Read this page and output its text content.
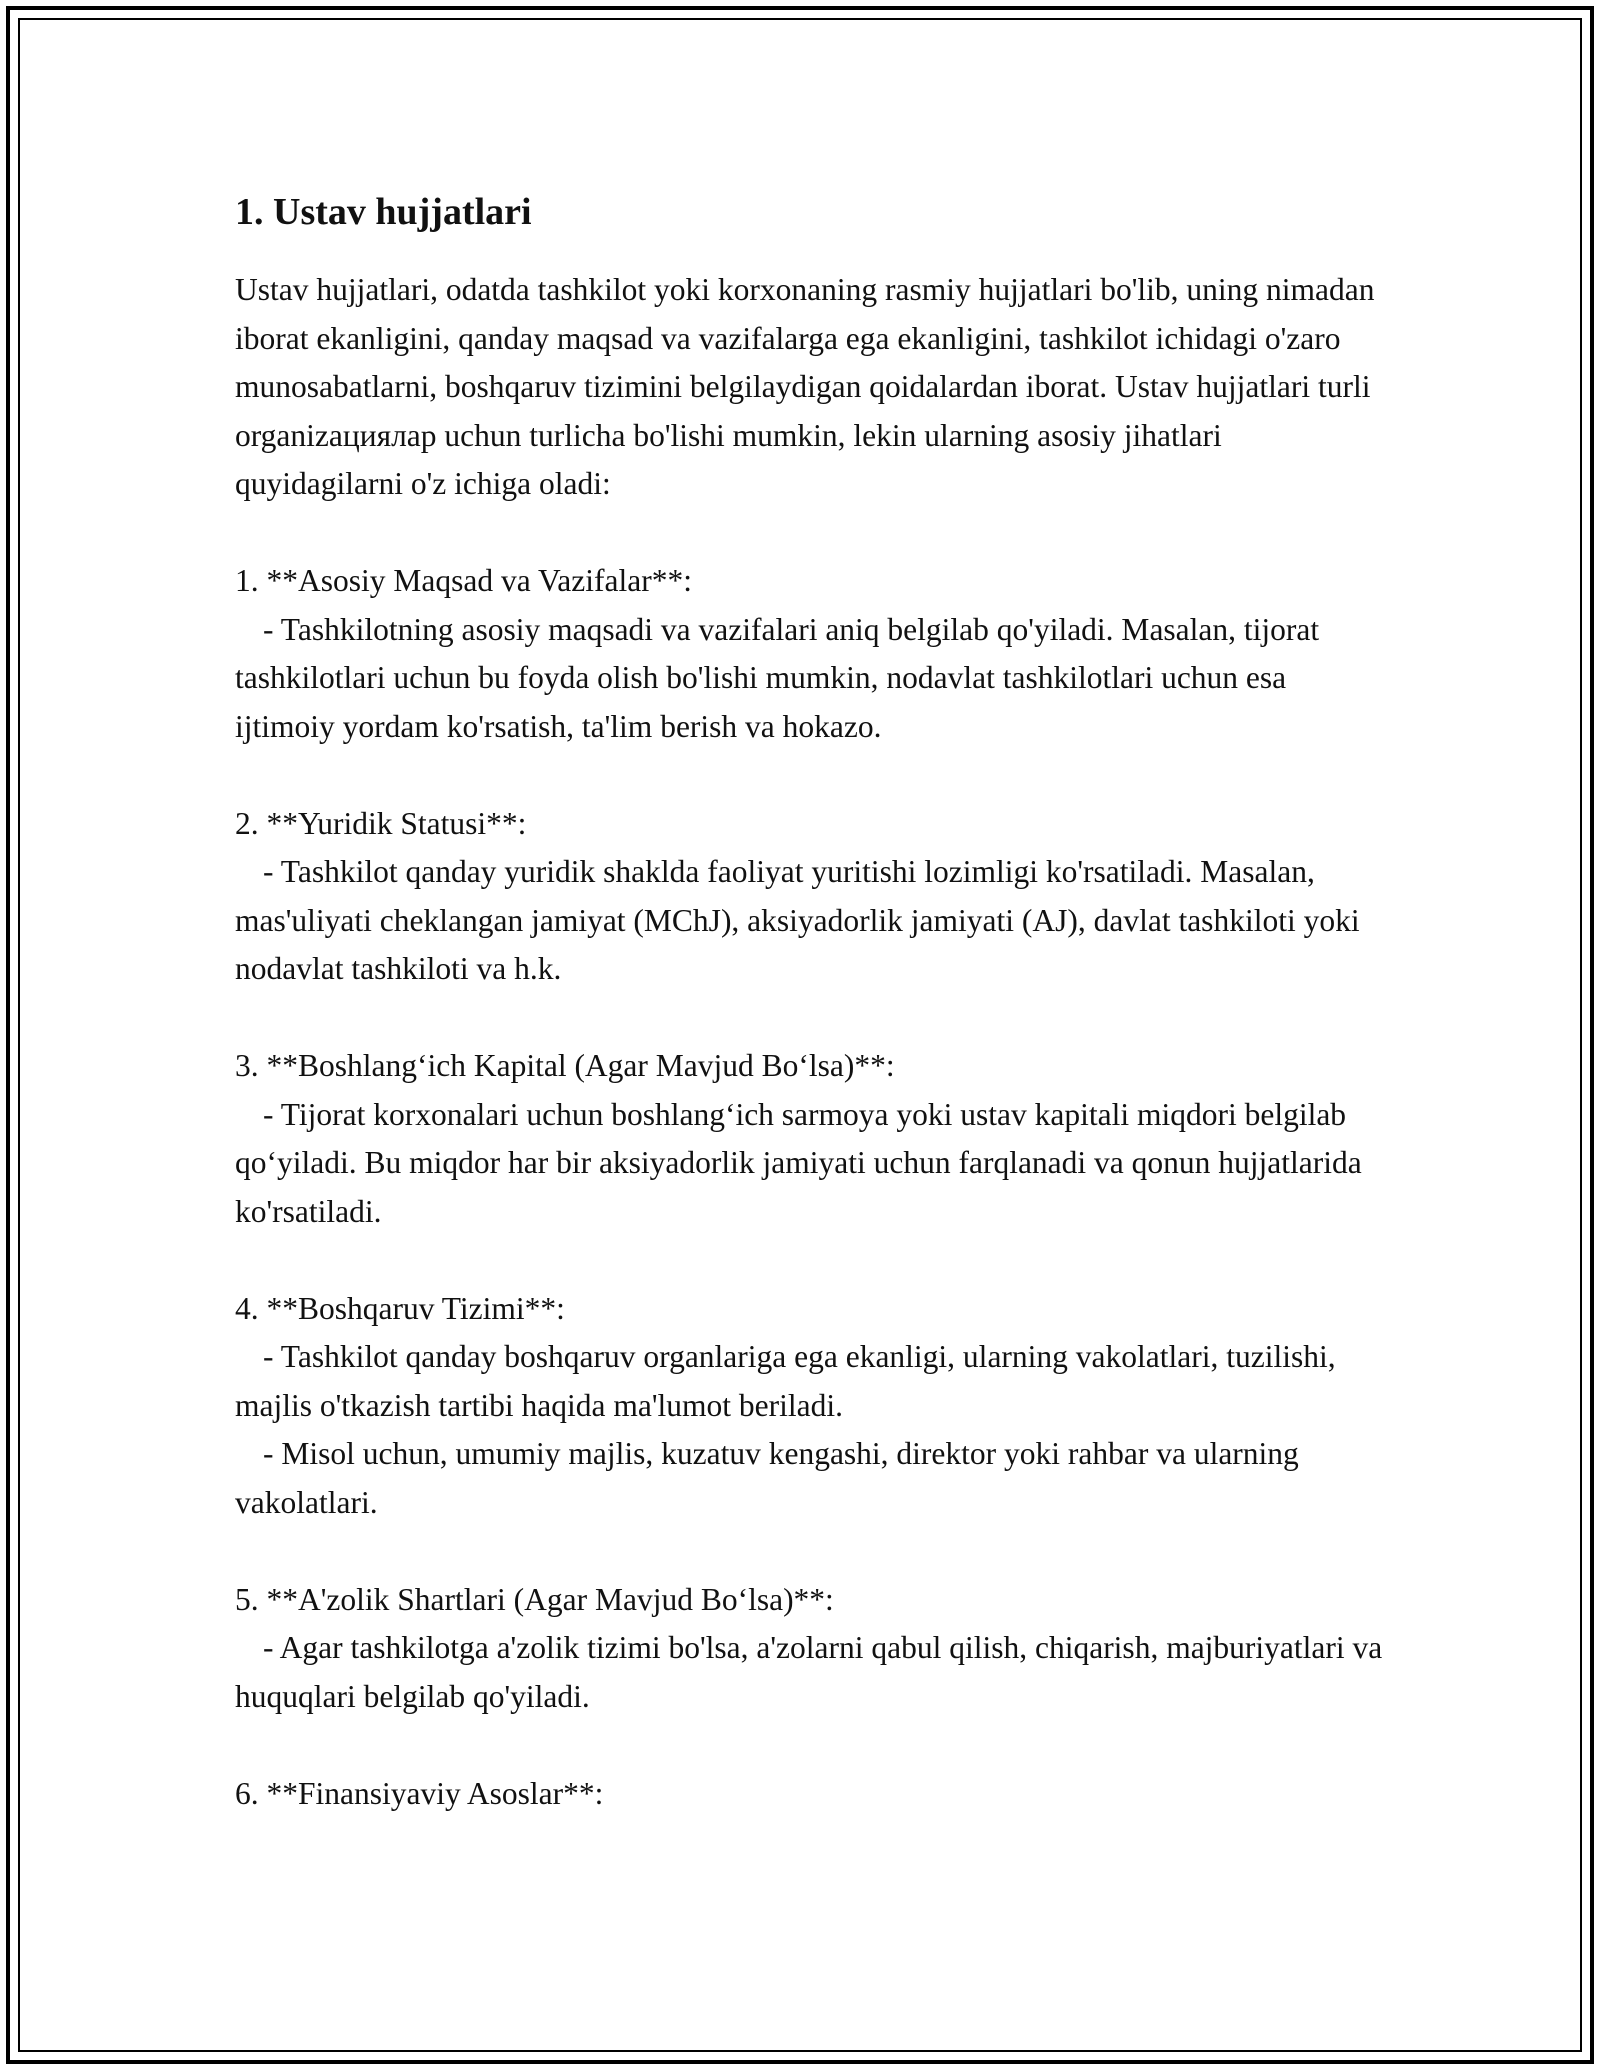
1. Ustav hujjatlari

Ustav hujjatlari, odatda tashkilot yoki korxonaning rasmiy hujjatlari bo'lib, uning nimadan iborat ekanligini, qanday maqsad va vazifalarga ega ekanligini, tashkilot ichidagi o'zaro munosabatlarni, boshqaruv tizimini belgilaydigan qoidalardan iborat. Ustav hujjatlari turli organizaциялар uchun turlicha bo'lishi mumkin, lekin ularning asosiy jihatlari quyidagilarni o'z ichiga oladi:

1. **Asosiy Maqsad va Vazifalar**:
- Tashkilotning asosiy maqsadi va vazifalari aniq belgilab qo'yiladi. Masalan, tijorat tashkilotlari uchun bu foyda olish bo'lishi mumkin, nodavlat tashkilotlari uchun esa ijtimoiy yordam ko'rsatish, ta'lim berish va hokazo.
2. **Yuridik Statusi**:
- Tashkilot qanday yuridik shaklda faoliyat yuritishi lozimligi ko'rsatiladi. Masalan, mas'uliyati cheklangan jamiyat (MChJ), aksiyadorlik jamiyati (AJ), davlat tashkiloti yoki nodavlat tashkiloti va h.k.
3. **Boshlang‘ich Kapital (Agar Mavjud Bo‘lsa)**:
- Tijorat korxonalari uchun boshlang‘ich sarmoya yoki ustav kapitali miqdori belgilab qo‘yiladi. Bu miqdor har bir aksiyadorlik jamiyati uchun farqlanadi va qonun hujjatlarida ko'rsatiladi.
4. **Boshqaruv Tizimi**:
- Tashkilot qanday boshqaruv organlariga ega ekanligi, ularning vakolatlari, tuzilishi, majlis o'tkazish tartibi haqida ma'lumot beriladi.
- Misol uchun, umumiy majlis, kuzatuv kengashi, direktor yoki rahbar va ularning vakolatlari.
5. **A'zolik Shartlari (Agar Mavjud Bo‘lsa)**:
- Agar tashkilotga a'zolik tizimi bo'lsa, a'zolarni qabul qilish, chiqarish, majburiyatlari va huquqlari belgilab qo'yiladi.
6. **Finansiyaviy Asoslar**:
